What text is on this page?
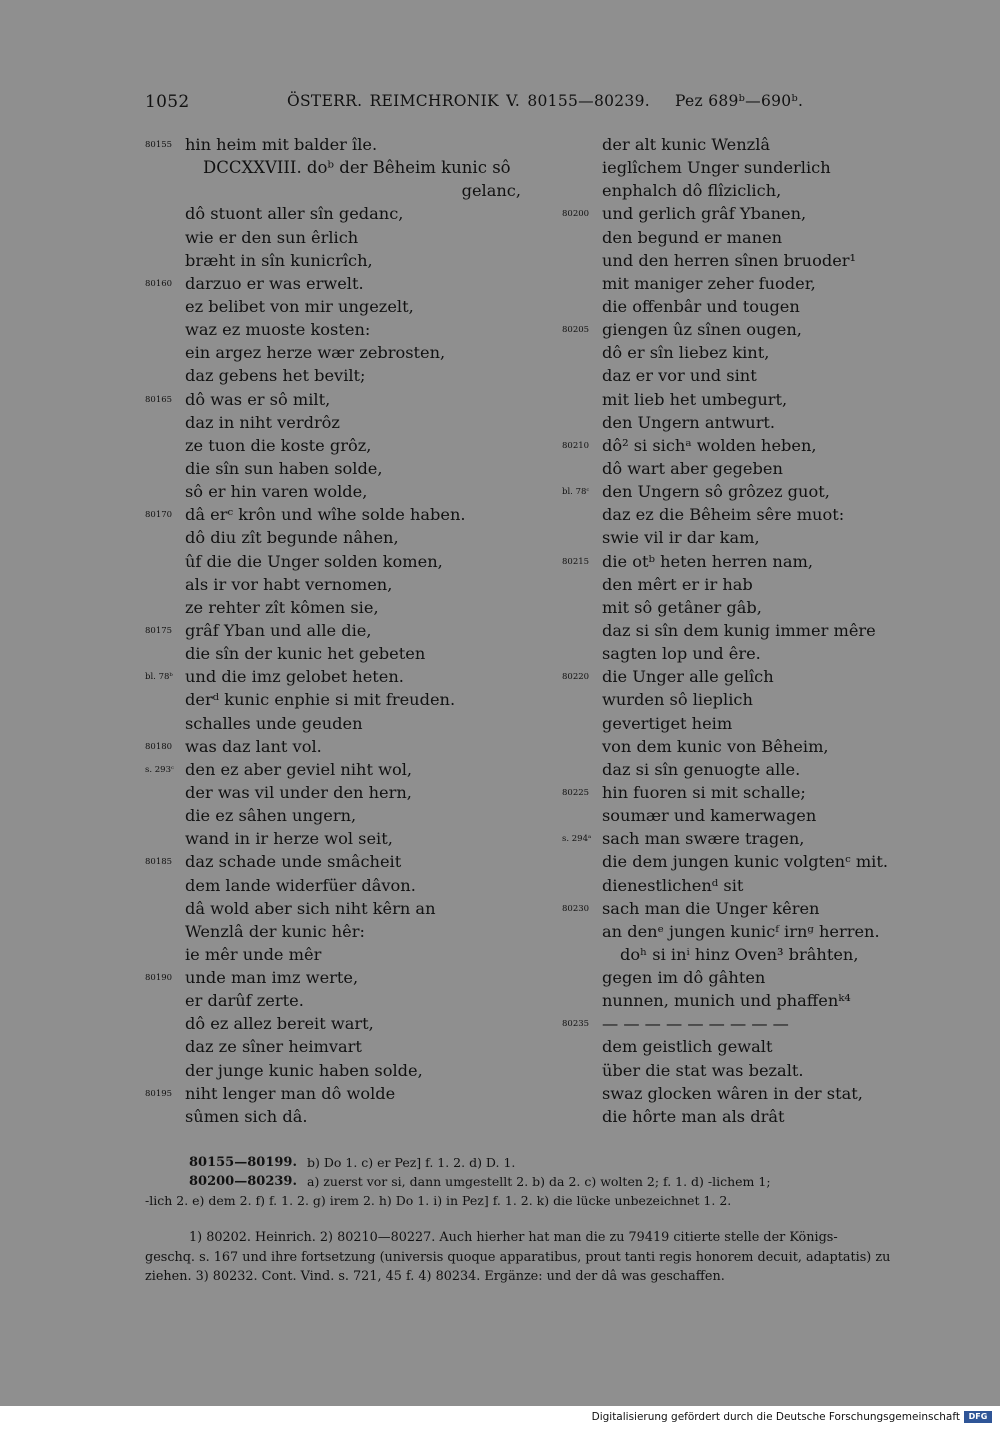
1052	ÖSTERR. REIMCHRONIK V. 80155—80239. Pez 689ᵇ—690ᵇ.
80155 hin heim mit balder île.
DCCXXVIII. doᵇ der Bêheim kunic sô
gelanc,
dô stuont aller sîn gedanc,
wie er den sun êrlich
bræht in sîn kunicrîch,
80160 darzuo er was erwelt.
ez belibet von mir ungezelt,
waz ez muoste kosten:
ein argez herze wær zebrosten,
daz gebens het bevilt;
80165 dô was er sô milt,
daz in niht verdrôz
ze tuon die koste grôz,
die sîn sun haben solde,
sô er hin varen wolde,
80170 dâ erᶜ krôn und wîhe solde haben.
dô diu zît begunde nâhen,
ûf die die Unger solden komen,
als ir vor habt vernomen,
ze rehter zît kômen sie,
80175 grâf Yban und alle die,
die sîn der kunic het gebeten
bl. 78ᵇ und die imz gelobet heten.
derᵈ kunic enphie si mit freuden.
schalles unde geuden
80180 was daz lant vol.
s. 293ᶜ den ez aber geviel niht wol,
der was vil under den hern,
die ez sâhen ungern,
wand in ir herze wol seit,
80185 daz schade unde smâcheit
dem lande widerfüer dâvon.
dâ wold aber sich niht kêrn an
Wenzlâ der kunic hêr:
ie mêr unde mêr
80190 unde man imz werte,
er darûf zerte.
dô ez allez bereit wart,
daz ze sîner heimvart
der junge kunic haben solde,
80195 niht lenger man dô wolde
sûmen sich dâ.
der alt kunic Wenzlâ
ieglîchem Unger sunderlich
enphalch dô flîziclich,
80200 und gerlich grâf Ybanen,
den begund er manen
und den herren sînen bruoder¹
mit maniger zeher fuoder,
die offenbâr und tougen
80205 giengen ûz sînen ougen,
dô er sîn liebez kint,
daz er vor und sint
mit lieb het umbegurt,
den Ungern antwurt.
80210 dô² si sichᵃ wolden heben,
dô wart aber gegeben
bl. 78ᶜ den Ungern sô grôzez guot,
daz ez die Bêheim sêre muot:
swie vil ir dar kam,
80215 die otᵇ heten herren nam,
den mêrt er ir hab
mit sô getâner gâb,
daz si sîn dem kunig immer mêre
sagten lop und êre.
80220 die Unger alle gelîch
wurden sô lieplich
gevertiget heim
von dem kunic von Bêheim,
daz si sîn genuogte alle.
80225 hin fuoren si mit schalle;
soumær und kamerwagen
s. 294ᵃ sach man swære tragen,
die dem jungen kunic volgtenᶜ mit.
dienestlichenᵈ sit
80230 sach man die Unger kêren
an denᵉ jungen kunicᶠ irnᵍ herren.
doʰ si inⁱ hinz Oven³ brâhten,
gegen im dô gâhten
nunnen, munich und phaffenᵏ⁴
80235 — — — — — — — — —
dem geistlich gewalt
über die stat was bezalt.
swaz glocken wâren in der stat,
die hôrte man als drât
80155—80199. b) Do 1. c) er Pez] f. 1. 2. d) D. 1.
80200—80239. a) zuerst vor si, dann umgestellt 2. b) da 2. c) wolten 2; f. 1. d) -lichem 1;
-lich 2. e) dem 2. f) f. 1. 2. g) irem 2. h) Do 1. i) in Pez] f. 1. 2. k) die lücke unbezeichnet 1. 2.
1) 80202. Heinrich. 2) 80210—80227. Auch hierher hat man die zu 79419 citierte stelle der Königs-
geschq. s. 167 und ihre fortsetzung (universis quoque apparatibus, prout tanti regis honorem decuit, adaptatis) zu
ziehen. 3) 80232. Cont. Vind. s. 721, 45 f. 4) 80234. Ergänze: und der dâ was geschaffen.
Digitalisierung gefördert durch die Deutsche Forschungsgemeinschaft	DFG
